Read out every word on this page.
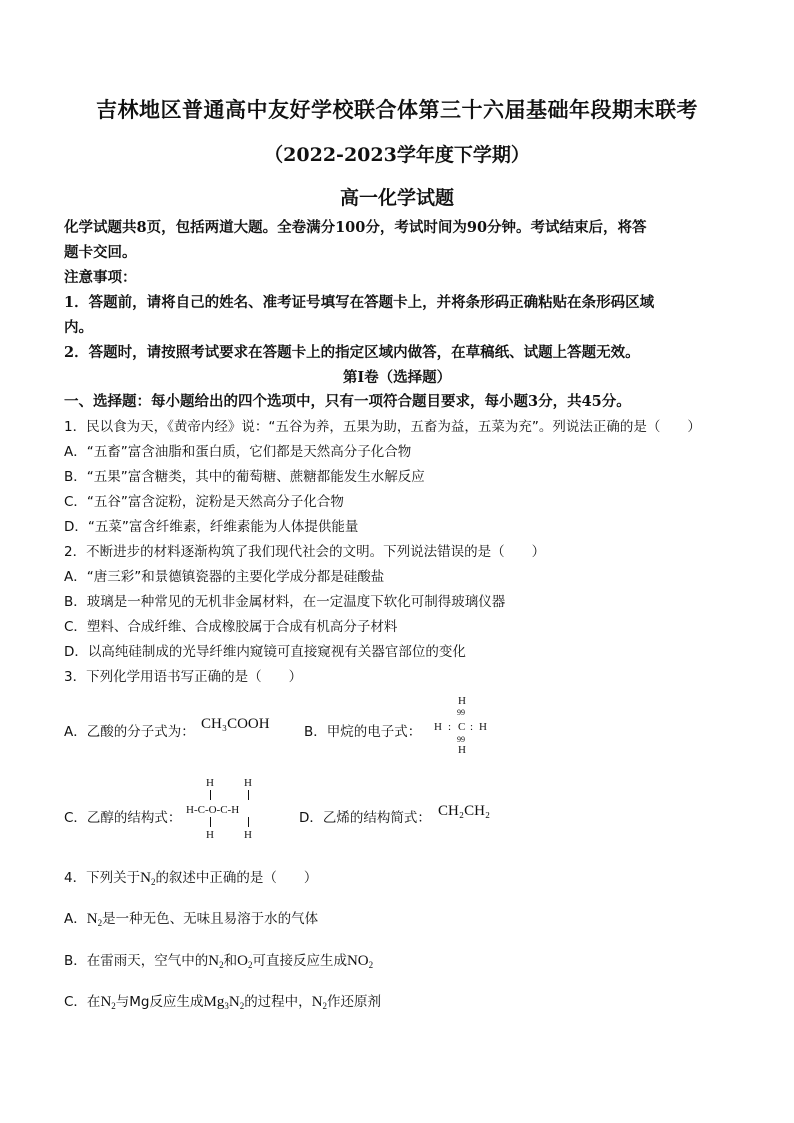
吉林地区普通高中友好学校联合体第三十六届基础年段期末联考
（2022-2023学年度下学期）
高一化学试题
化学试题共8页，包括两道大题。全卷满分100分，考试时间为90分钟。考试结束后，将答
题卡交回。
注意事项：
1．答题前，请将自己的姓名、准考证号填写在答题卡上，并将条形码正确粘贴在条形码区域
内。
2．答题时，请按照考试要求在答题卡上的指定区域内做答，在草稿纸、试题上答题无效。
第Ⅰ卷（选择题）
一、选择题：每小题给出的四个选项中，只有一项符合题目要求，每小题3分，共45分。
1．民以食为天，《黄帝内经》说：“五谷为养，五果为助，五畜为益，五菜为充”。列说法正确的是（　　）
A．“五畜”富含油脂和蛋白质，它们都是天然高分子化合物
B．“五果”富含糖类，其中的葡萄糖、蔗糖都能发生水解反应
C．“五谷”富含淀粉，淀粉是天然高分子化合物
D．“五菜”富含纤维素，纤维素能为人体提供能量
2．不断进步的材料逐渐构筑了我们现代社会的文明。下列说法错误的是（　　）
A．“唐三彩”和景德镇瓷器的主要化学成分都是硅酸盐
B．玻璃是一种常见的无机非金属材料，在一定温度下软化可制得玻璃仪器
C．塑料、合成纤维、合成橡胶属于合成有机高分子材料
D．以高纯硅制成的光导纤维内窥镜可直接窥视有关器官部位的变化
3．下列化学用语书写正确的是（　　）
A．乙酸的分子式为： CH₃COOH	B．甲烷的电子式：
H
99
H : C : H
99
H
C．乙醇的结构式：
H	H
H-C-O-C-H
H	H
D．乙烯的结构简式： CH₂CH₂
4．下列关于$N_2$的叙述中正确的是（　　）
A．$N_2$是一种无色、无味且易溶于水的气体
B．在雷雨天，空气中的$N_2$和$O_2$可直接反应生成$NO_2$
C．在$N_2$与Mg反应生成$Mg_3N_2$的过程中，$N_2$作还原剂
